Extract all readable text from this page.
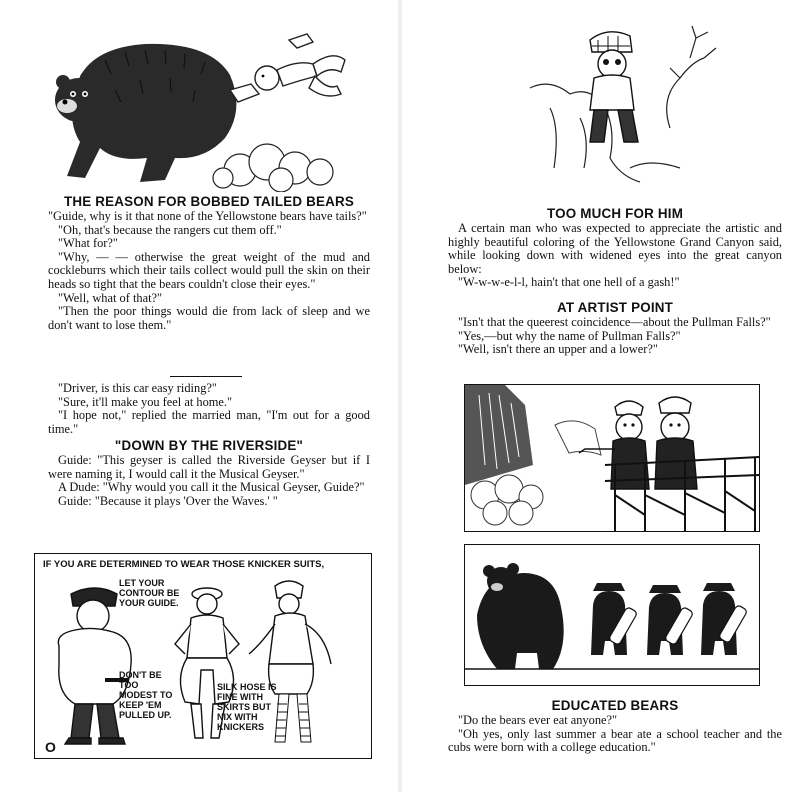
THE REASON FOR BOBBED TAILED BEARS

"Guide, why is it that none of the Yellowstone bears have tails?"

"Oh, that's because the rangers cut them off."

"What for?"

"Why, — — otherwise the great weight of the mud and cockleburrs which their tails collect would pull the skin on their heads so tight that the bears couldn't close their eyes."

"Well, what of that?"

"Then the poor things would die from lack of sleep and we don't want to lose them."

"Driver, is this car easy riding?"

"Sure, it'll make you feel at home."

"I hope not," replied the married man, "I'm out for a good time."

"DOWN BY THE RIVERSIDE"

Guide: "This geyser is called the Riverside Geyser but if I were naming it, I would call it the Musical Geyser."

A Dude: "Why would you call it the Musical Geyser, Guide?"

Guide: "Because it plays 'Over the Waves.' "

IF YOU ARE DETERMINED TO WEAR THOSE KNICKER SUITS,
O
LET YOUR CONTOUR BE YOUR GUIDE.
DON'T BE TOO MODEST TO KEEP 'EM PULLED UP.
SILK HOSE IS FINE WITH SKIRTS BUT NIX WITH KNICKERS
TOO MUCH FOR HIM

A certain man who was expected to appreciate the artistic and highly beautiful coloring of the Yellowstone Grand Canyon said, while looking down with widened eyes into the great canyon below:

"W-w-w-e-l-l, hain't that one hell of a gash!"

AT ARTIST POINT

"Isn't that the queerest coincidence—about the Pullman Falls?"

"Yes,—but why the name of Pullman Falls?"

"Well, isn't there an upper and a lower?"

EDUCATED BEARS

"Do the bears ever eat anyone?"

"Oh yes, only last summer a bear ate a school teacher and the cubs were born with a college education."
